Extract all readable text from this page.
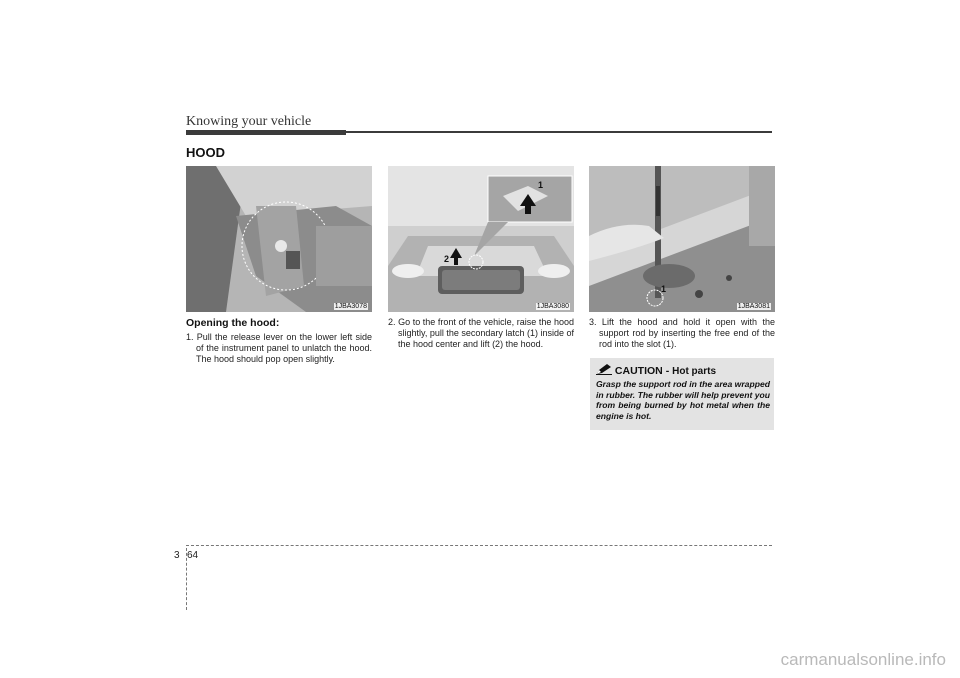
Knowing your vehicle
HOOD
1JBA3078
1
2
1JBA3080
1
1JBA3081
Opening the hood:
1. Pull the release lever on the lower left side of the instrument panel to unlatch the hood. The hood should pop open slightly.
2. Go to the front of the vehicle, raise the hood slightly, pull the secondary latch (1) inside of the hood center and lift (2) the hood.
3. Lift the hood and hold it open with the support rod by inserting the free end of the rod into the slot (1).
CAUTION - Hot parts
Grasp the support rod in the area wrapped in rubber. The rubber will help prevent you from being burned by hot metal when the engine is hot.
3 64
carmanualsonline.info
